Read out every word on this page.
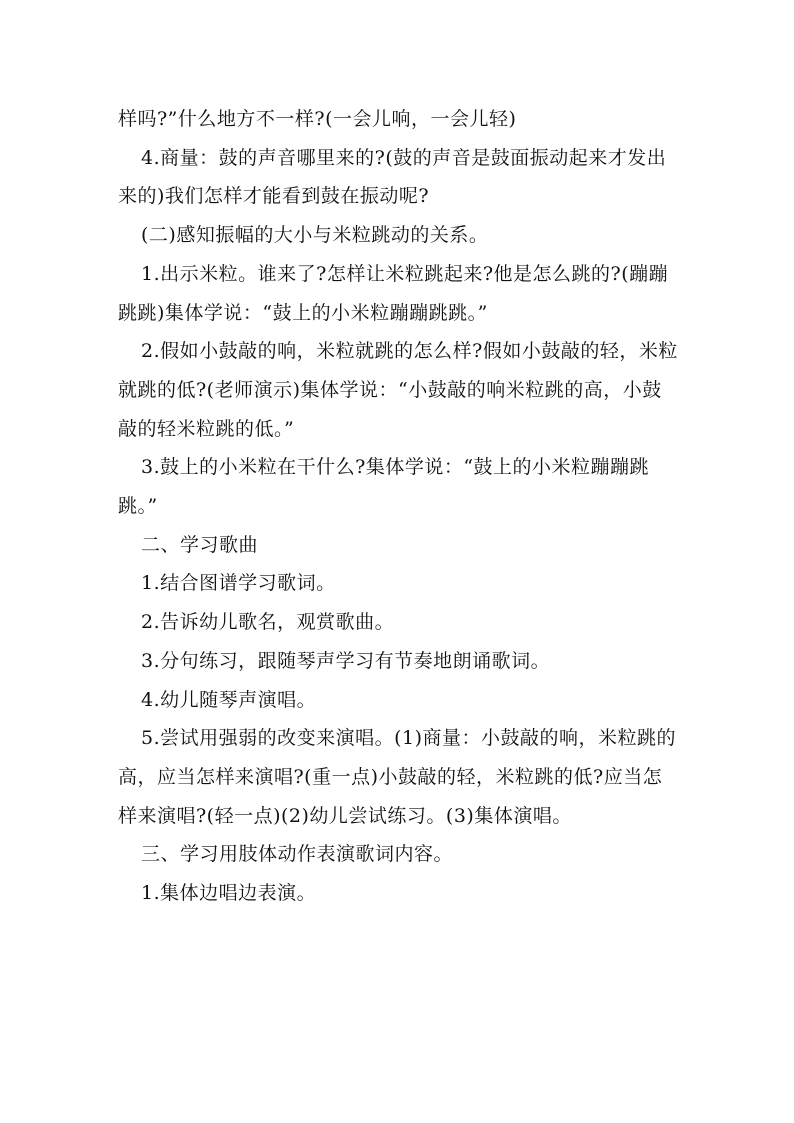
样吗?”什么地方不一样?(一会儿响，一会儿轻)

4.商量：鼓的声音哪里来的?(鼓的声音是鼓面振动起来才发出来的)我们怎样才能看到鼓在振动呢?

(二)感知振幅的大小与米粒跳动的关系。

1.出示米粒。谁来了?怎样让米粒跳起来?他是怎么跳的?(蹦蹦跳跳)集体学说：“鼓上的小米粒蹦蹦跳跳。”

2.假如小鼓敲的响，米粒就跳的怎么样?假如小鼓敲的轻，米粒就跳的低?(老师演示)集体学说：“小鼓敲的响米粒跳的高，小鼓敲的轻米粒跳的低。”

3.鼓上的小米粒在干什么?集体学说：“鼓上的小米粒蹦蹦跳跳。”

二、学习歌曲

1.结合图谱学习歌词。

2.告诉幼儿歌名，观赏歌曲。

3.分句练习，跟随琴声学习有节奏地朗诵歌词。

4.幼儿随琴声演唱。

5.尝试用强弱的改变来演唱。(1)商量：小鼓敲的响，米粒跳的高，应当怎样来演唱?(重一点)小鼓敲的轻，米粒跳的低?应当怎样来演唱?(轻一点)(2)幼儿尝试练习。(3)集体演唱。

三、学习用肢体动作表演歌词内容。

1.集体边唱边表演。
